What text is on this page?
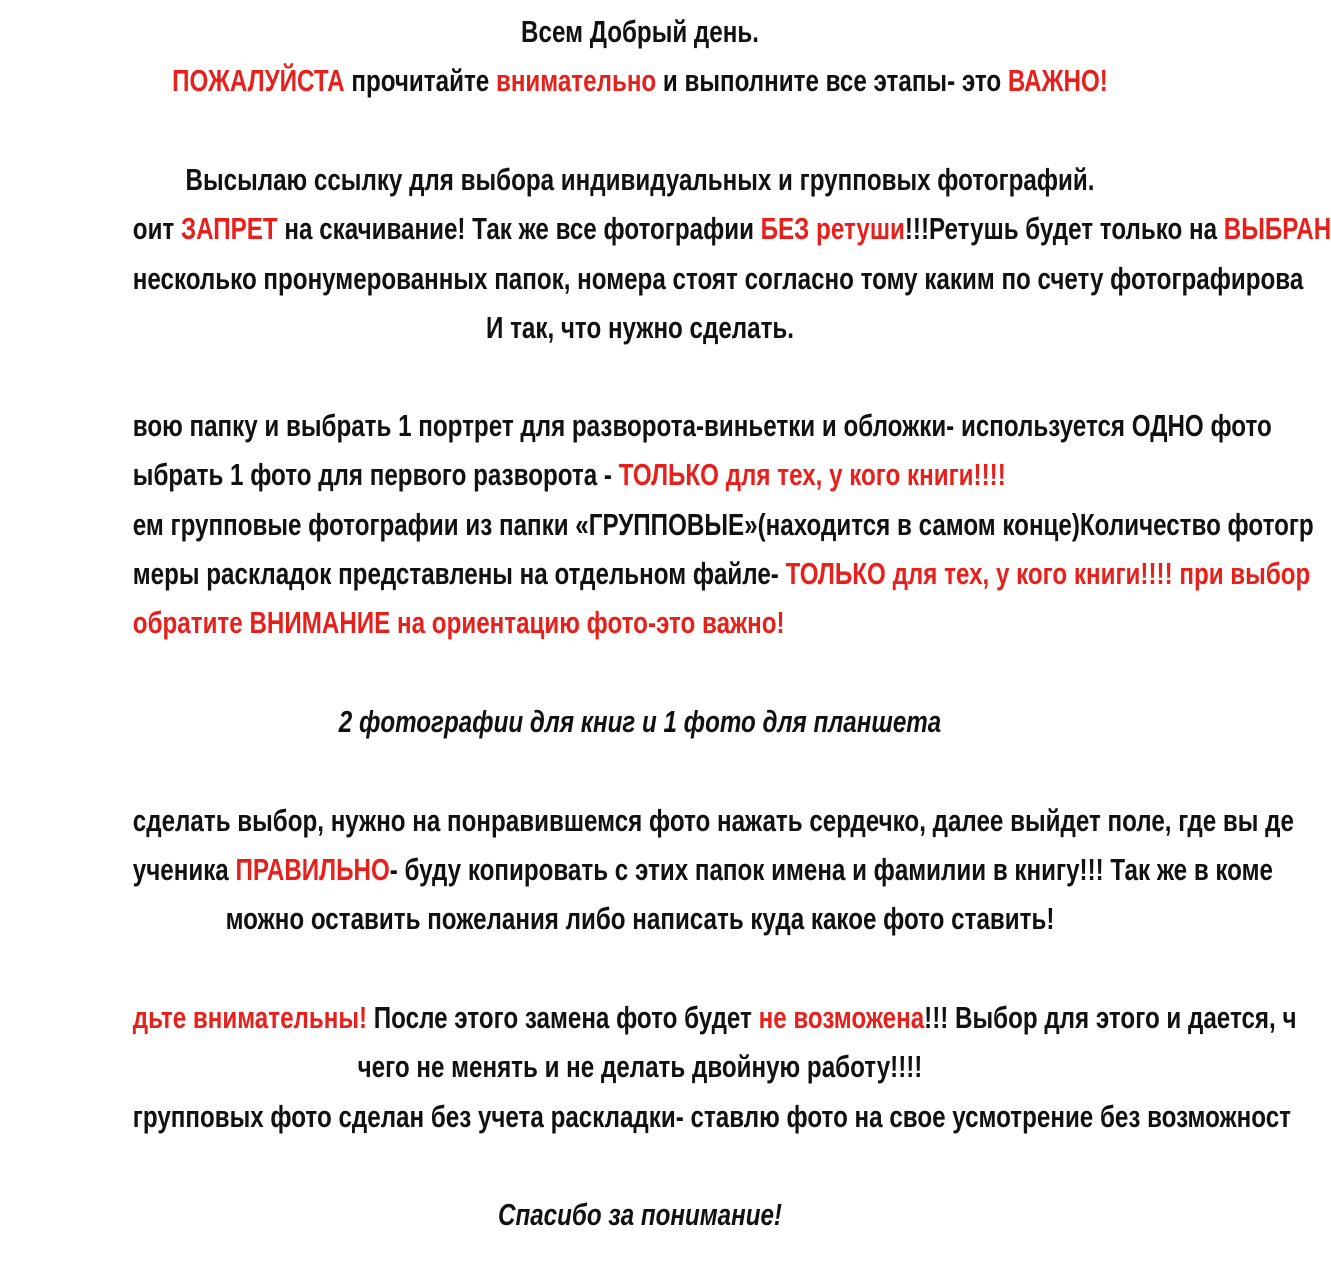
Всем Добрый день.
ПОЖАЛУЙСТА прочитайте внимательно и выполните все этапы- это ВАЖНО!
Высылаю ссылку для выбора индивидуальных и групповых фотографий.
оит ЗАПРЕТ на скачивание! Так же все фотографии БЕЗ ретуши!!!Ретушь будет только на ВЫБРАН
несколько пронумерованных папок, номера стоят согласно тому каким по счету фотографирова
И так, что нужно сделать.
вою папку и выбрать 1 портрет для разворота-виньетки и обложки- используется ОДНО фото
ыбрать 1 фото для первого разворота - ТОЛЬКО для тех, у кого книги!!!!
ем групповые фотографии из папки «ГРУППОВЫЕ»(находится в самом конце)Количество фотогр
меры раскладок представлены на отдельном файле- ТОЛЬКО для тех, у кого книги!!!! при выбор
обратите ВНИМАНИЕ на ориентацию фото-это важно!
2 фотографии для книг и 1 фото для планшета
сделать выбор, нужно на понравившемся фото нажать сердечко, далее выйдет поле, где вы де
ученика ПРАВИЛЬНО- буду копировать с этих папок имена и фамилии в книгу!!! Так же в коме
можно оставить пожелания либо написать куда какое фото ставить!
дьте внимательны! После этого замена фото будет не возможена!!! Выбор для этого и дается, ч
чего не менять и не делать двойную работу!!!!
групповых фото сделан без учета раскладки- ставлю фото на свое усмотрение без возможност
Спасибо за понимание!
